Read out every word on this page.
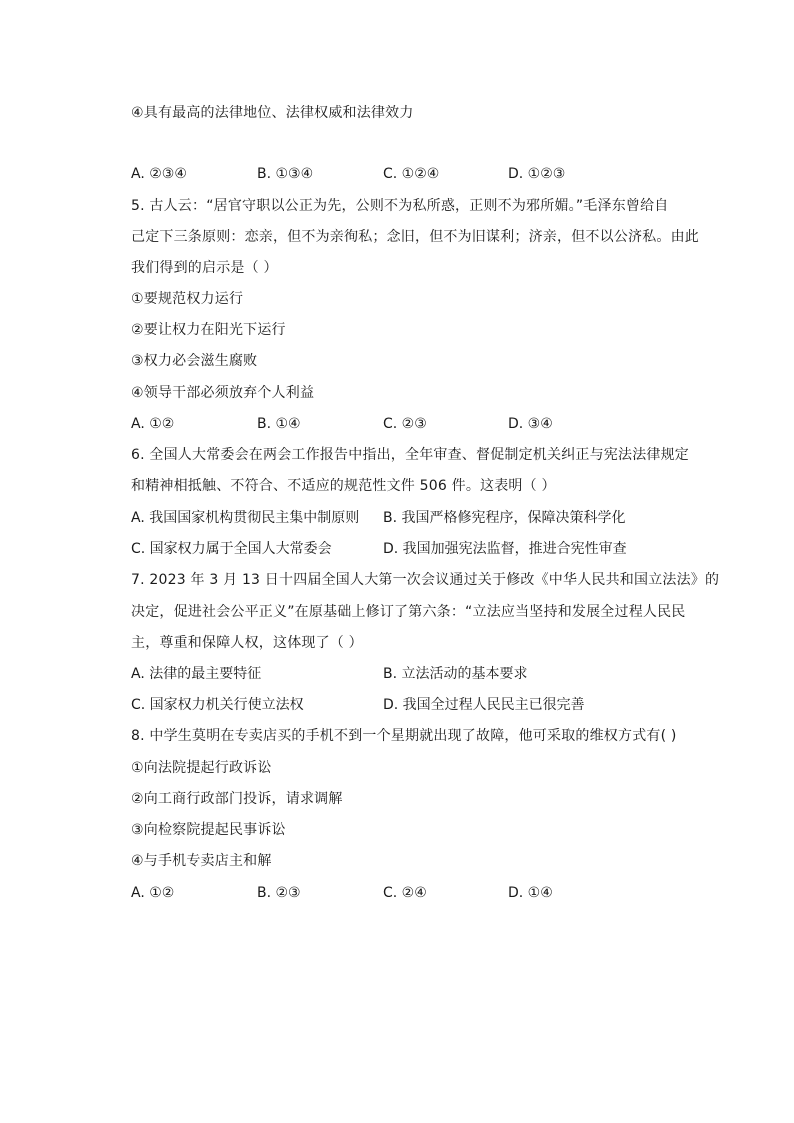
④具有最高的法律地位、法律权威和法律效力
A. ②③④	B. ①③④	C. ①②④	D. ①②③
5. 古人云：“居官守职以公正为先，公则不为私所惑，正则不为邪所媚。”毛泽东曾给自
己定下三条原则：恋亲，但不为亲徇私；念旧，但不为旧谋利；济亲，但不以公济私。由此
我们得到的启示是（ ）
①要规范权力运行
②要让权力在阳光下运行
③权力必会滋生腐败
④领导干部必须放弃个人利益
A. ①②	B. ①④	C. ②③	D. ③④
6. 全国人大常委会在两会工作报告中指出，全年审查、督促制定机关纠正与宪法法律规定
和精神相抵触、不符合、不适应的规范性文件 506 件。这表明（ ）
A. 我国国家机构贯彻民主集中制原则 B. 我国严格修宪程序，保障决策科学化
C. 国家权力属于全国人大常委会	D. 我国加强宪法监督，推进合宪性审查
7. 2023 年 3 月 13 日十四届全国人大第一次会议通过关于修改《中华人民共和国立法法》的
决定，促进社会公平正义”在原基础上修订了第六条：“立法应当坚持和发展全过程人民民
主，尊重和保障人权，这体现了（ ）
A. 法律的最主要特征	B. 立法活动的基本要求
C. 国家权力机关行使立法权	D. 我国全过程人民民主已很完善
8. 中学生莫明在专卖店买的手机不到一个星期就出现了故障，他可采取的维权方式有( )
①向法院提起行政诉讼
②向工商行政部门投诉，请求调解
③向检察院提起民事诉讼
④与手机专卖店主和解
A. ①②	B. ②③	C. ②④	D. ①④
